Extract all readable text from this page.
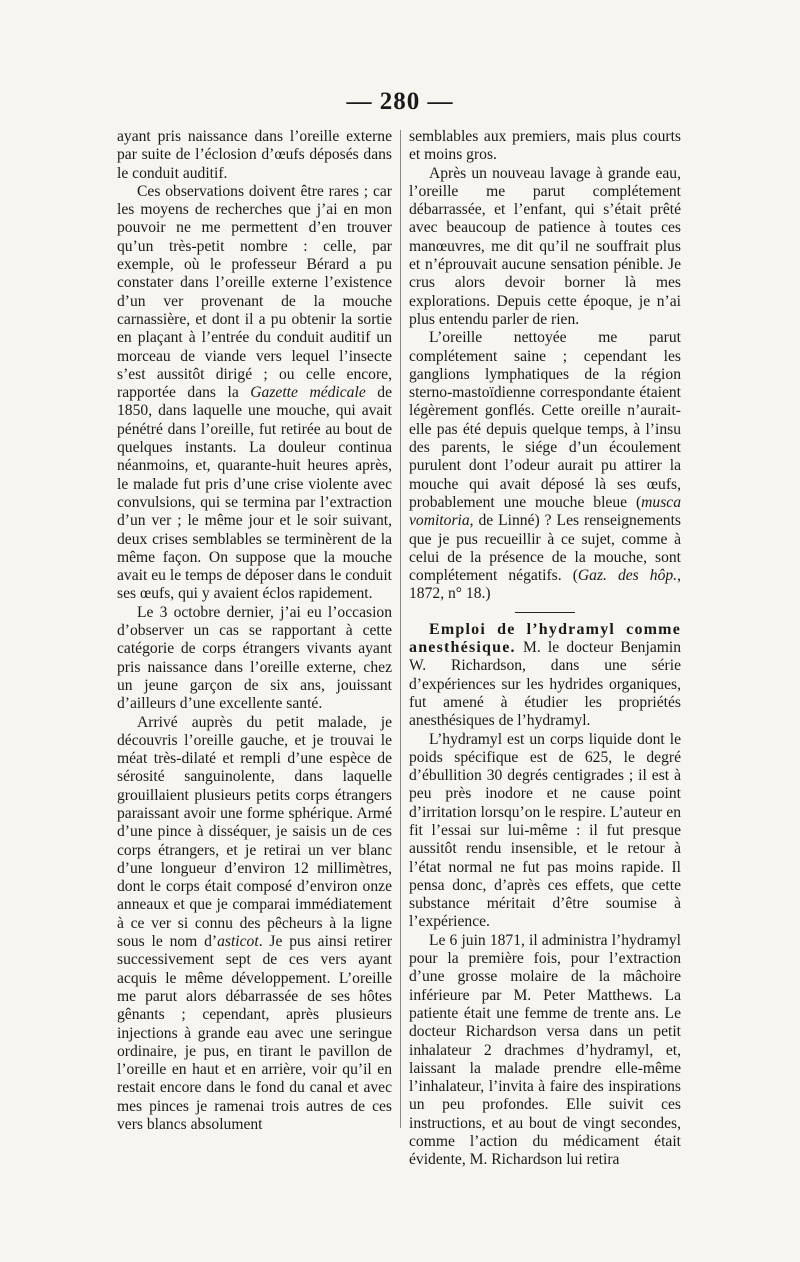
— 280 —

ayant pris naissance dans l’oreille externe par suite de l’éclosion d’œufs déposés dans le conduit auditif.

Ces observations doivent être rares ; car les moyens de recherches que j’ai en mon pouvoir ne me permettent d’en trouver qu’un très-petit nombre : celle, par exemple, où le professeur Bérard a pu constater dans l’oreille externe l’existence d’un ver provenant de la mouche carnassière, et dont il a pu obtenir la sortie en plaçant à l’entrée du conduit auditif un morceau de viande vers lequel l’insecte s’est aussitôt dirigé ; ou celle encore, rapportée dans la Gazette médicale de 1850, dans laquelle une mouche, qui avait pénétré dans l’oreille, fut retirée au bout de quelques instants. La douleur continua néanmoins, et, quarante-huit heures après, le malade fut pris d’une crise violente avec convulsions, qui se termina par l’extraction d’un ver ; le même jour et le soir suivant, deux crises semblables se terminèrent de la même façon. On suppose que la mouche avait eu le temps de déposer dans le conduit ses œufs, qui y avaient éclos rapidement.

Le 3 octobre dernier, j’ai eu l’occasion d’observer un cas se rapportant à cette catégorie de corps étrangers vivants ayant pris naissance dans l’oreille externe, chez un jeune garçon de six ans, jouissant d’ailleurs d’une excellente santé.

Arrivé auprès du petit malade, je découvris l’oreille gauche, et je trouvai le méat très-dilaté et rempli d’une espèce de sérosité sanguinolente, dans laquelle grouillaient plusieurs petits corps étrangers paraissant avoir une forme sphérique. Armé d’une pince à disséquer, je saisis un de ces corps étrangers, et je retirai un ver blanc d’une longueur d’environ 12 millimètres, dont le corps était composé d’environ onze anneaux et que je comparai immédiatement à ce ver si connu des pêcheurs à la ligne sous le nom d’asticot. Je pus ainsi retirer successivement sept de ces vers ayant acquis le même développement. L’oreille me parut alors débarrassée de ses hôtes gênants ; cependant, après plusieurs injections à grande eau avec une seringue ordinaire, je pus, en tirant le pavillon de l’oreille en haut et en arrière, voir qu’il en restait encore dans le fond du canal et avec mes pinces je ramenai trois autres de ces vers blancs absolument

semblables aux premiers, mais plus courts et moins gros.

Après un nouveau lavage à grande eau, l’oreille me parut complétement débarrassée, et l’enfant, qui s’était prêté avec beaucoup de patience à toutes ces manœuvres, me dit qu’il ne souffrait plus et n’éprouvait aucune sensation pénible. Je crus alors devoir borner là mes explorations. Depuis cette époque, je n’ai plus entendu parler de rien.

L’oreille nettoyée me parut complétement saine ; cependant les ganglions lymphatiques de la région sterno-mastoïdienne correspondante étaient légèrement gonflés. Cette oreille n’aurait-elle pas été depuis quelque temps, à l’insu des parents, le siége d’un écoulement purulent dont l’odeur aurait pu attirer la mouche qui avait déposé là ses œufs, probablement une mouche bleue (musca vomitoria, de Linné) ? Les renseignements que je pus recueillir à ce sujet, comme à celui de la présence de la mouche, sont complétement négatifs. (Gaz. des hôp., 1872, n° 18.)

Emploi de l’hydramyl comme anesthésique. M. le docteur Benjamin W. Richardson, dans une série d’expériences sur les hydrides organiques, fut amené à étudier les propriétés anesthésiques de l’hydramyl.

L’hydramyl est un corps liquide dont le poids spécifique est de 625, le degré d’ébullition 30 degrés centigrades ; il est à peu près inodore et ne cause point d’irritation lorsqu’on le respire. L’auteur en fit l’essai sur lui-même : il fut presque aussitôt rendu insensible, et le retour à l’état normal ne fut pas moins rapide. Il pensa donc, d’après ces effets, que cette substance méritait d’être soumise à l’expérience.

Le 6 juin 1871, il administra l’hydramyl pour la première fois, pour l’extraction d’une grosse molaire de la mâchoire inférieure par M. Peter Matthews. La patiente était une femme de trente ans. Le docteur Richardson versa dans un petit inhalateur 2 drachmes d’hydramyl, et, laissant la malade prendre elle-même l’inhalateur, l’invita à faire des inspirations un peu profondes. Elle suivit ces instructions, et au bout de vingt secondes, comme l’action du médicament était évidente, M. Richardson lui retira
